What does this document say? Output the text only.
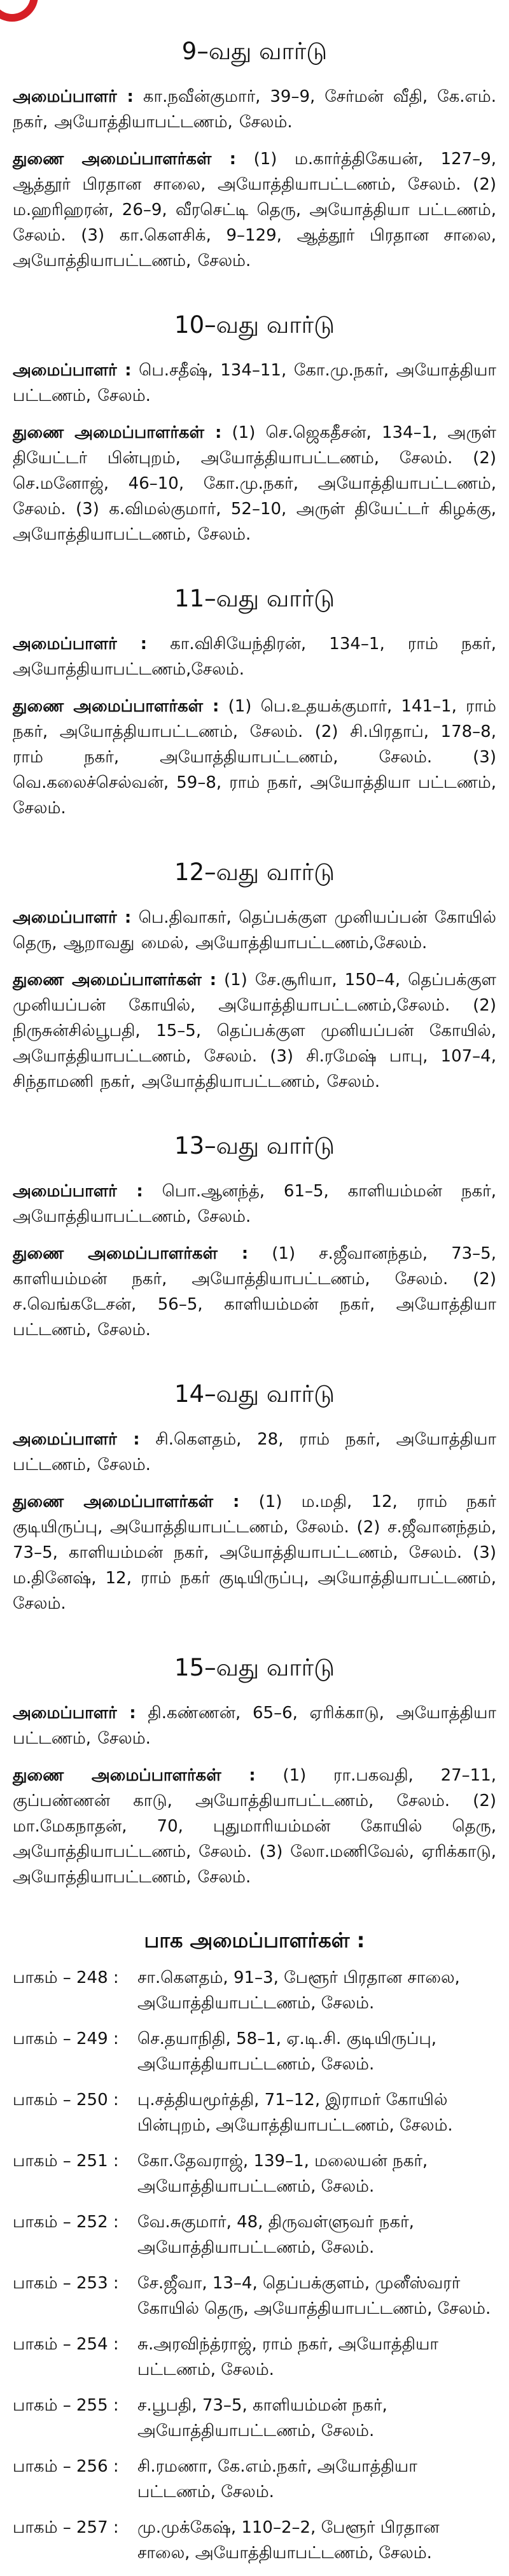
9–வது வார்டு

அமைப்பாளர் : கா.நவீன்குமார், 39–9, சேர்மன் வீதி, கே.எம். நகர், அயோத்தியாபட்டணம், சேலம்.

துணை அமைப்பாளர்கள் : (1) ம.கார்த்திகேயன், 127–9, ஆத்தூர் பிரதான சாலை, அயோத்தியாபட்டணம், சேலம். (2) ம.ஹரிஹரன், 26–9, வீரசெட்டி தெரு, அயோத்தியா பட்டணம், சேலம். (3) கா.கௌசிக், 9–129, ஆத்தூர் பிரதான சாலை, அயோத்தியாபட்டணம், சேலம்.

10–வது வார்டு

அமைப்பாளர் : பெ.சதீஷ், 134–11, கோ.மு.நகர், அயோத்தியா பட்டணம், சேலம்.

துணை அமைப்பாளர்கள் : (1) செ.ஜெகதீசன், 134–1, அருள் தியேட்டர் பின்புறம், அயோத்தியாபட்டணம், சேலம். (2) செ.மனோஜ், 46–10, கோ.மு.நகர், அயோத்தியாபட்டணம், சேலம். (3) க.விமல்குமார், 52–10, அருள் தியேட்டர் கிழக்கு, அயோத்தியாபட்டணம், சேலம்.

11–வது வார்டு

அமைப்பாளர் : கா.விசியேந்திரன், 134–1, ராம் நகர், அயோத்தியாபட்டணம்,சேலம்.

துணை அமைப்பாளர்கள் : (1) பெ.உதயக்குமார், 141–1, ராம் நகர், அயோத்தியாபட்டணம், சேலம். (2) சி.பிரதாப், 178–8, ராம் நகர், அயோத்தியாபட்டணம், சேலம். (3) வெ.கலைச்செல்வன், 59–8, ராம் நகர், அயோத்தியா பட்டணம், சேலம்.

12–வது வார்டு

அமைப்பாளர் : பெ.திவாகர், தெப்பக்குள முனியப்பன் கோயில் தெரு, ஆறாவது மைல், அயோத்தியாபட்டணம்,சேலம்.

துணை அமைப்பாளர்கள் : (1) சே.சூரியா, 150–4, தெப்பக்குள முனியப்பன் கோயில், அயோத்தியாபட்டணம்,சேலம். (2) நிருசுன்சில்பூபதி, 15–5, தெப்பக்குள முனியப்பன் கோயில், அயோத்தியாபட்டணம், சேலம். (3) சி.ரமேஷ் பாபு, 107–4, சிந்தாமணி நகர், அயோத்தியாபட்டணம், சேலம்.

13–வது வார்டு

அமைப்பாளர் : பொ.ஆனந்த், 61–5, காளியம்மன் நகர், அயோத்தியாபட்டணம், சேலம்.

துணை அமைப்பாளர்கள் : (1) ச.ஜீவானந்தம், 73–5, காளியம்மன் நகர், அயோத்தியாபட்டணம், சேலம். (2) ச.வெங்கடேசன், 56–5, காளியம்மன் நகர், அயோத்தியா பட்டணம், சேலம்.

14–வது வார்டு

அமைப்பாளர் : சி.கௌதம், 28, ராம் நகர், அயோத்தியா பட்டணம், சேலம்.

துணை அமைப்பாளர்கள் : (1) ம.மதி, 12, ராம் நகர் குடியிருப்பு, அயோத்தியாபட்டணம், சேலம். (2) ச.ஜீவானந்தம், 73–5, காளியம்மன் நகர், அயோத்தியாபட்டணம், சேலம். (3) ம.தினேஷ், 12, ராம் நகர் குடியிருப்பு, அயோத்தியாபட்டணம், சேலம்.

15–வது வார்டு

அமைப்பாளர் : தி.கண்ணன், 65–6, ஏரிக்காடு, அயோத்தியா பட்டணம், சேலம்.

துணை அமைப்பாளர்கள் : (1) ரா.பகவதி, 27–11, குப்பண்ணன் காடு, அயோத்தியாபட்டணம், சேலம். (2) மா.மேகநாதன், 70, புதுமாரியம்மன் கோயில் தெரு, அயோத்தியாபட்டணம், சேலம். (3) லோ.மணிவேல், ஏரிக்காடு, அயோத்தியாபட்டணம், சேலம்.

பாக அமைப்பாளர்கள் :
பாகம் – 248 :	சா.கௌதம், 91–3, பேளூர் பிரதான சாலை, அயோத்தியாபட்டணம், சேலம்.
பாகம் – 249 :	செ.தயாநிதி, 58–1, ஏ.டி.சி. குடியிருப்பு, அயோத்தியாபட்டணம், சேலம்.
பாகம் – 250 :	பு.சத்தியமூர்த்தி, 71–12, இராமர் கோயில் பின்புறம், அயோத்தியாபட்டணம், சேலம்.
பாகம் – 251 :	கோ.தேவராஜ், 139–1, மலையன் நகர், அயோத்தியாபட்டணம், சேலம்.
பாகம் – 252 :	வே.சுகுமார், 48, திருவள்ளுவர் நகர், அயோத்தியாபட்டணம், சேலம்.
பாகம் – 253 :	சே.ஜீவா, 13–4, தெப்பக்குளம், முனீஸ்வரர் கோயில் தெரு, அயோத்தியாபட்டணம், சேலம்.
பாகம் – 254 :	சு.அரவிந்த்ராஜ், ராம் நகர், அயோத்தியா பட்டணம், சேலம்.
பாகம் – 255 :	ச.பூபதி, 73–5, காளியம்மன் நகர், அயோத்தியாபட்டணம், சேலம்.
பாகம் – 256 :	சி.ரமணா, கே.எம்.நகர், அயோத்தியா பட்டணம், சேலம்.
பாகம் – 257 :	மு.முக்கேஷ், 110–2–2, பேளூர் பிரதான சாலை, அயோத்தியாபட்டணம், சேலம்.
